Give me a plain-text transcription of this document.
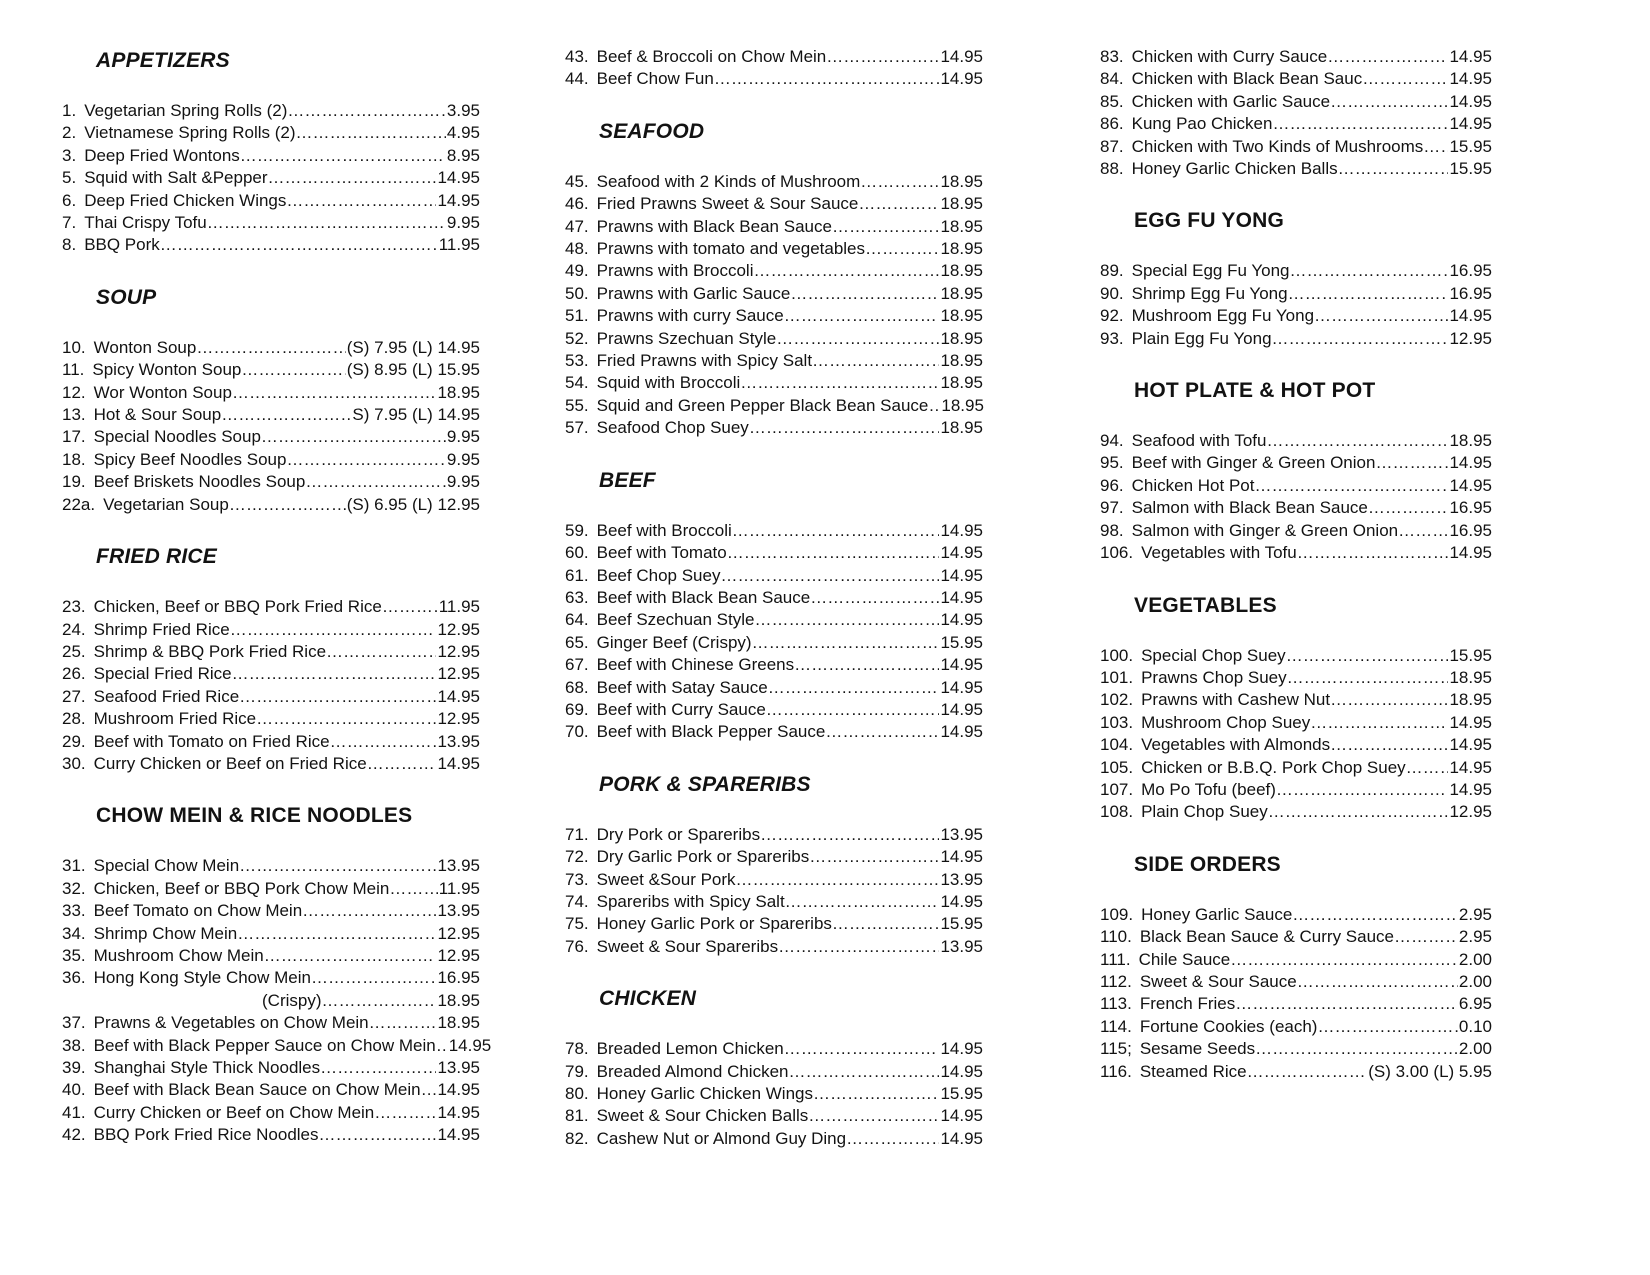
APPETIZERS
1. Vegetarian Spring Rolls (2) ………………………………………………………………………………	3.95
2. Vietnamese Spring Rolls (2) ………………………………………………………………………………	4.95
3. Deep Fried Wontons ………………………………………………………………………………	8.95
5. Squid with Salt &Pepper ………………………………………………………………………………	14.95
6. Deep Fried Chicken Wings ………………………………………………………………………………	14.95
7. Thai Crispy Tofu ………………………………………………………………………………	9.95
8. BBQ Pork ………………………………………………………………………………	11.95
SOUP
10. Wonton Soup ………………………………………………………………………………	(S) 7.95 (L) 14.95
11. Spicy Wonton Soup ………………………………………………………………………………	(S) 8.95 (L) 15.95
12. Wor Wonton Soup ………………………………………………………………………………	18.95
13. Hot & Sour Soup ………………………………………………………………………………	S) 7.95 (L) 14.95
17. Special Noodles Soup ………………………………………………………………………………	9.95
18. Spicy Beef Noodles Soup ………………………………………………………………………………	9.95
19. Beef Briskets Noodles Soup ………………………………………………………………………………	9.95
22a. Vegetarian Soup ………………………………………………………………………………	(S) 6.95 (L) 12.95
FRIED RICE
23. Chicken, Beef or BBQ Pork Fried Rice ………………………………………………………………………………	11.95
24. Shrimp Fried Rice ………………………………………………………………………………	12.95
25. Shrimp & BBQ Pork Fried Rice ………………………………………………………………………………	12.95
26. Special Fried Rice ………………………………………………………………………………	12.95
27. Seafood Fried Rice ………………………………………………………………………………	14.95
28. Mushroom Fried Rice ………………………………………………………………………………	12.95
29. Beef with Tomato on Fried Rice ………………………………………………………………………………	13.95
30. Curry Chicken or Beef on Fried Rice ………………………………………………………………………………	14.95
CHOW MEIN & RICE NOODLES
31. Special Chow Mein ………………………………………………………………………………	13.95
32. Chicken, Beef or BBQ Pork Chow Mein ………………………………………………………………………………	11.95
33. Beef Tomato on Chow Mein ………………………………………………………………………………	13.95
34. Shrimp Chow Mein ………………………………………………………………………………	12.95
35. Mushroom Chow Mein ………………………………………………………………………………	12.95
36. Hong Kong Style Chow Mein ………………………………………………………………………………	16.95
(Crispy) ………………………………………………………………………………	18.95
37. Prawns & Vegetables on Chow Mein ………………………………………………………………………………	18.95
38. Beef with Black Pepper Sauce on Chow Mein ……………………………………………………………………………… 14.95
39. Shanghai Style Thick Noodles ………………………………………………………………………………	13.95
40. Beef with Black Bean Sauce on Chow Mein ……………………………………………………………………………… 14.95
41. Curry Chicken or Beef on Chow Mein ………………………………………………………………………………	14.95
42. BBQ Pork Fried Rice Noodles ………………………………………………………………………………	14.95
43. Beef & Broccoli on Chow Mein ………………………………………………………………………………	14.95
44. Beef Chow Fun ………………………………………………………………………………	14.95
SEAFOOD
45. Seafood with 2 Kinds of Mushroom ………………………………………………………………………………	18.95
46. Fried Prawns Sweet & Sour Sauce ………………………………………………………………………………	18.95
47. Prawns with Black Bean Sauce ………………………………………………………………………………	18.95
48. Prawns with tomato and vegetables ………………………………………………………………………………	18.95
49. Prawns with Broccoli ………………………………………………………………………………	18.95
50. Prawns with Garlic Sauce ………………………………………………………………………………	18.95
51. Prawns with curry Sauce ………………………………………………………………………………	18.95
52. Prawns Szechuan Style ………………………………………………………………………………	18.95
53. Fried Prawns with Spicy Salt ………………………………………………………………………………	18.95
54. Squid with Broccoli ………………………………………………………………………………	18.95
55. Squid and Green Pepper Black Bean Sauce ……………………………………………………………………………… 18.95
57. Seafood Chop Suey ………………………………………………………………………………	18.95
BEEF
59. Beef with Broccoli ………………………………………………………………………………	14.95
60. Beef with Tomato ………………………………………………………………………………	14.95
61. Beef Chop Suey ………………………………………………………………………………	14.95
63. Beef with Black Bean Sauce ………………………………………………………………………………	14.95
64. Beef Szechuan Style ………………………………………………………………………………	14.95
65. Ginger Beef (Crispy) ………………………………………………………………………………	15.95
67. Beef with Chinese Greens ………………………………………………………………………………	14.95
68. Beef with Satay Sauce ………………………………………………………………………………	14.95
69. Beef with Curry Sauce ………………………………………………………………………………	14.95
70. Beef with Black Pepper Sauce ………………………………………………………………………………	14.95
PORK & SPARERIBS
71. Dry Pork or Spareribs ………………………………………………………………………………	13.95
72. Dry Garlic Pork or Spareribs ………………………………………………………………………………	14.95
73. Sweet &Sour Pork ………………………………………………………………………………	13.95
74. Spareribs with Spicy Salt ………………………………………………………………………………	14.95
75. Honey Garlic Pork or Spareribs ………………………………………………………………………………	15.95
76. Sweet & Sour Spareribs ………………………………………………………………………………	13.95
CHICKEN
78. Breaded Lemon Chicken ………………………………………………………………………………	14.95
79. Breaded Almond Chicken ………………………………………………………………………………	14.95
80. Honey Garlic Chicken Wings ………………………………………………………………………………	15.95
81. Sweet & Sour Chicken Balls ………………………………………………………………………………	14.95
82. Cashew Nut or Almond Guy Ding ………………………………………………………………………………	14.95
83. Chicken with Curry Sauce ………………………………………………………………………………	14.95
84. Chicken with Black Bean Sauc ………………………………………………………………………………	14.95
85. Chicken with Garlic Sauce ………………………………………………………………………………	14.95
86. Kung Pao Chicken ………………………………………………………………………………	14.95
87. Chicken with Two Kinds of Mushrooms ……………………………………………………………………………… 15.95
88. Honey Garlic Chicken Balls ………………………………………………………………………………	15.95
EGG FU YONG
89. Special Egg Fu Yong ………………………………………………………………………………	16.95
90. Shrimp Egg Fu Yong ………………………………………………………………………………	16.95
92. Mushroom Egg Fu Yong ………………………………………………………………………………	14.95
93. Plain Egg Fu Yong ………………………………………………………………………………	12.95
HOT PLATE & HOT POT
94. Seafood with Tofu ………………………………………………………………………………	18.95
95. Beef with Ginger & Green Onion ………………………………………………………………………………	14.95
96. Chicken Hot Pot ………………………………………………………………………………	14.95
97. Salmon with Black Bean Sauce ………………………………………………………………………………	16.95
98. Salmon with Ginger & Green Onion ………………………………………………………………………………	16.95
106. Vegetables with Tofu ………………………………………………………………………………	14.95
VEGETABLES
100. Special Chop Suey ………………………………………………………………………………	15.95
101. Prawns Chop Suey ………………………………………………………………………………	18.95
102. Prawns with Cashew Nut ………………………………………………………………………………	18.95
103. Mushroom Chop Suey ………………………………………………………………………………	14.95
104. Vegetables with Almonds ………………………………………………………………………………	14.95
105. Chicken or B.B.Q. Pork Chop Suey ………………………………………………………………………………	14.95
107. Mo Po Tofu (beef) ………………………………………………………………………………	14.95
108. Plain Chop Suey ………………………………………………………………………………	12.95
SIDE ORDERS
109. Honey Garlic Sauce ………………………………………………………………………………	2.95
110. Black Bean Sauce & Curry Sauce ………………………………………………………………………………	2.95
111. Chile Sauce ………………………………………………………………………………	2.00
112. Sweet & Sour Sauce ………………………………………………………………………………	2.00
113. French Fries ………………………………………………………………………………	6.95
114. Fortune Cookies (each) ………………………………………………………………………………	0.10
115; Sesame Seeds ………………………………………………………………………………	2.00
116. Steamed Rice ………………………………………………………………………………	(S) 3.00 (L) 5.95
